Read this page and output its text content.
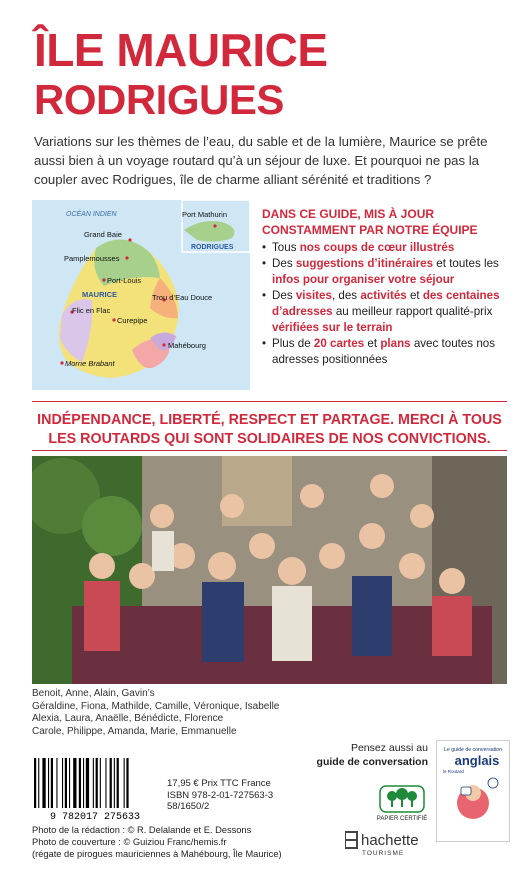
ÎLE MAURICE
RODRIGUES
Variations sur les thèmes de l’eau, du sable et de la lumière, Maurice se prête aussi bien à un voyage routard qu’à un séjour de luxe. Et pourquoi ne pas la coupler avec Rodrigues, île de charme alliant sérénité et traditions ?
OCÉAN INDIEN
MAURICE
RODRIGUES
Grand Baie
Pamplemousses
Port-Louis
Trou d’Eau Douce
Flic en Flac
Curepipe
Mahébourg
Morne Brabant
Port Mathurin	DANS CE GUIDE, MIS À JOUR CONSTAMMENT PAR NOTRE ÉQUIPE
• Tous nos coups de cœur illustrés
• Des suggestions d’itinéraires et toutes les infos pour organiser votre séjour
• Des visites, des activités et des centaines d’adresses au meilleur rapport qualité-prix vérifiées sur le terrain
• Plus de 20 cartes et plans avec toutes nos adresses positionnées
INDÉPENDANCE, LIBERTÉ, RESPECT ET PARTAGE. MERCI À TOUS LES ROUTARDS QUI SONT SOLIDAIRES DE NOS CONVICTIONS.
Benoit, Anne, Alain, Gavin’s
Géraldine, Fiona, Mathilde, Camille, Véronique, Isabelle
Alexia, Laura, Anaëlle, Bénédicte, Florence
Carole, Philippe, Amanda, Marie, Emmanuelle
Pensez aussi au
guide de conversation
Le guide de conversation
anglais
le Routard
9 782017 275633
17,95 € Prix TTC France
ISBN 978-2-01-727563-3
58/1650/2
Photo de la rédaction : © R. Delalande et E. Dessons
Photo de couverture : © Guiziou Franc/hemis.fr
(régate de pirogues mauriciennes à Mahébourg, Île Maurice)
PAPIER CERTIFIÉ
hachette
TOURISME
